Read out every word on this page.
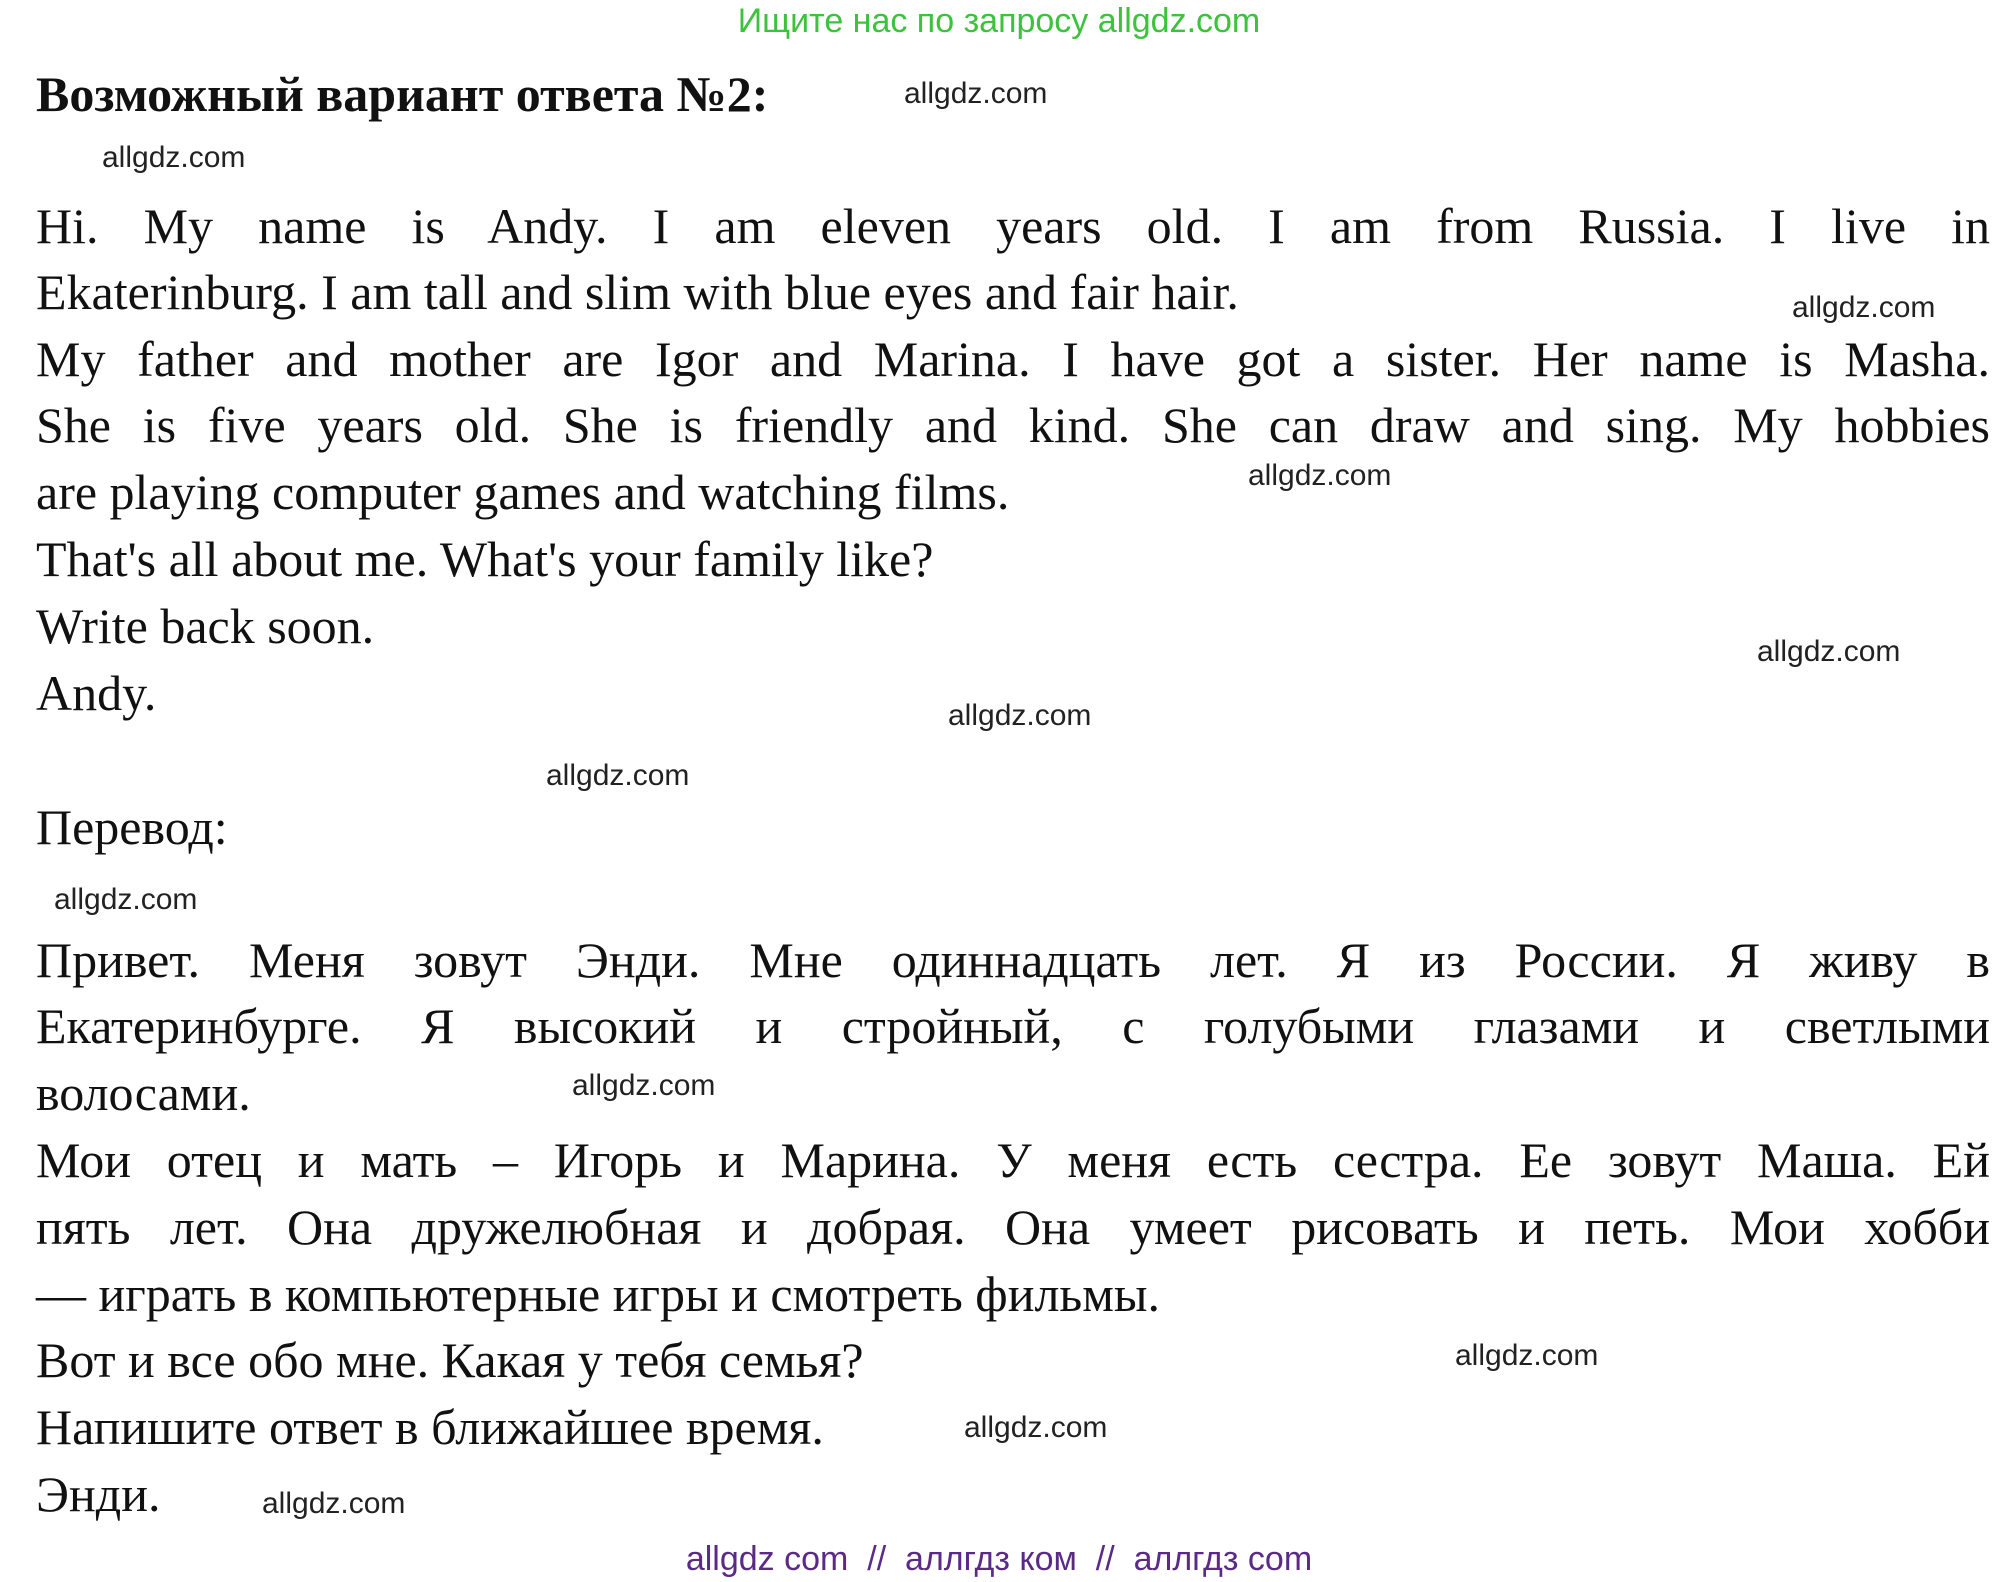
Ищите нас по запросу allgdz.com
Возможный вариант ответа №2:
Hi. My name is Andy. I am eleven years old. I am from Russia. I live in
Ekaterinburg. I am tall and slim with blue eyes and fair hair.
My father and mother are Igor and Marina. I have got a sister. Her name is Masha.
She is five years old. She is friendly and kind. She can draw and sing. My hobbies
are playing computer games and watching films.
That's all about me. What's your family like?
Write back soon.
Andy.
Перевод:
Привет. Меня зовут Энди. Мне одиннадцать лет. Я из России. Я живу в
Екатеринбурге. Я высокий и стройный, с голубыми глазами и светлыми
волосами.
Мои отец и мать – Игорь и Марина. У меня есть сестра. Ее зовут Маша. Ей
пять лет. Она дружелюбная и добрая. Она умеет рисовать и петь. Мои хобби
— играть в компьютерные игры и смотреть фильмы.
Вот и все обо мне. Какая у тебя семья?
Напишите ответ в ближайшее время.
Энди.
allgdz.com
allgdz.com
allgdz.com
allgdz.com
allgdz.com
allgdz.com
allgdz.com
allgdz.com
allgdz.com
allgdz.com
allgdz.com
allgdz.com
allgdz com  //  аллгдз ком  //  аллгдз com
